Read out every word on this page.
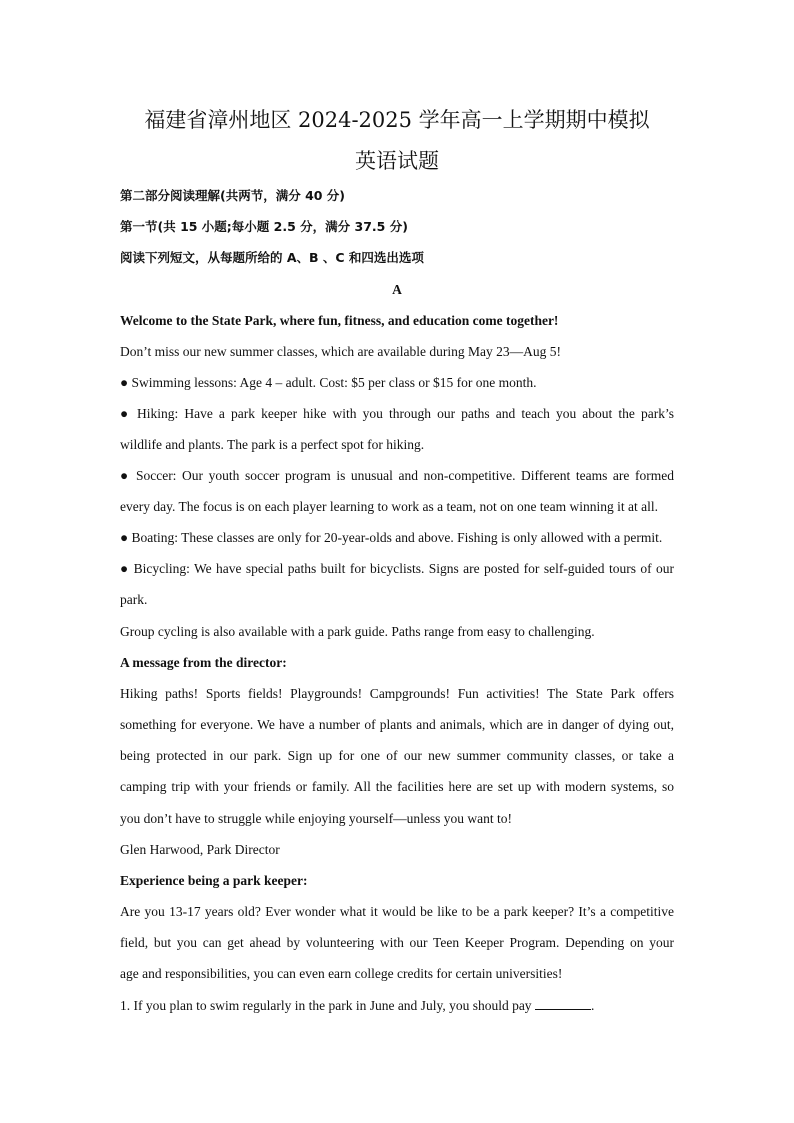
福建省漳州地区 2024-2025 学年高一上学期期中模拟
英语试题
第二部分阅读理解(共两节，满分 40 分)
第一节(共 15 小题;每小题 2.5 分，满分 37.5 分)
阅读下列短文，从每题所给的 A、B 、C 和四选出选项
A
Welcome to the State Park, where fun, fitness, and education come together!
Don’t miss our new summer classes, which are available during May 23—Aug 5!
● Swimming lessons: Age 4 – adult. Cost: $5 per class or $15 for one month.
● Hiking: Have a park keeper hike with you through our paths and teach you about the park’s
wildlife and plants. The park is a perfect spot for hiking.
● Soccer: Our youth soccer program is unusual and non-competitive. Different teams are formed
every day. The focus is on each player learning to work as a team, not on one team winning it at all.
● Boating: These classes are only for 20-year-olds and above. Fishing is only allowed with a permit.
● Bicycling: We have special paths built for bicyclists. Signs are posted for self-guided tours of our
park.
Group cycling is also available with a park guide. Paths range from easy to challenging.
A message from the director:
Hiking paths! Sports fields! Playgrounds! Campgrounds! Fun activities! The State Park offers
something for everyone. We have a number of plants and animals, which are in danger of dying out,
being protected in our park. Sign up for one of our new summer community classes, or take a
camping trip with your friends or family. All the facilities here are set up with modern systems, so
you don’t have to struggle while enjoying yourself—unless you want to!
Glen Harwood, Park Director
Experience being a park keeper:
Are you 13-17 years old? Ever wonder what it would be like to be a park keeper? It’s a competitive
field, but you can get ahead by volunteering with our Teen Keeper Program. Depending on your
age and responsibilities, you can even earn college credits for certain universities!
1. If you plan to swim regularly in the park in June and July, you should pay	.
